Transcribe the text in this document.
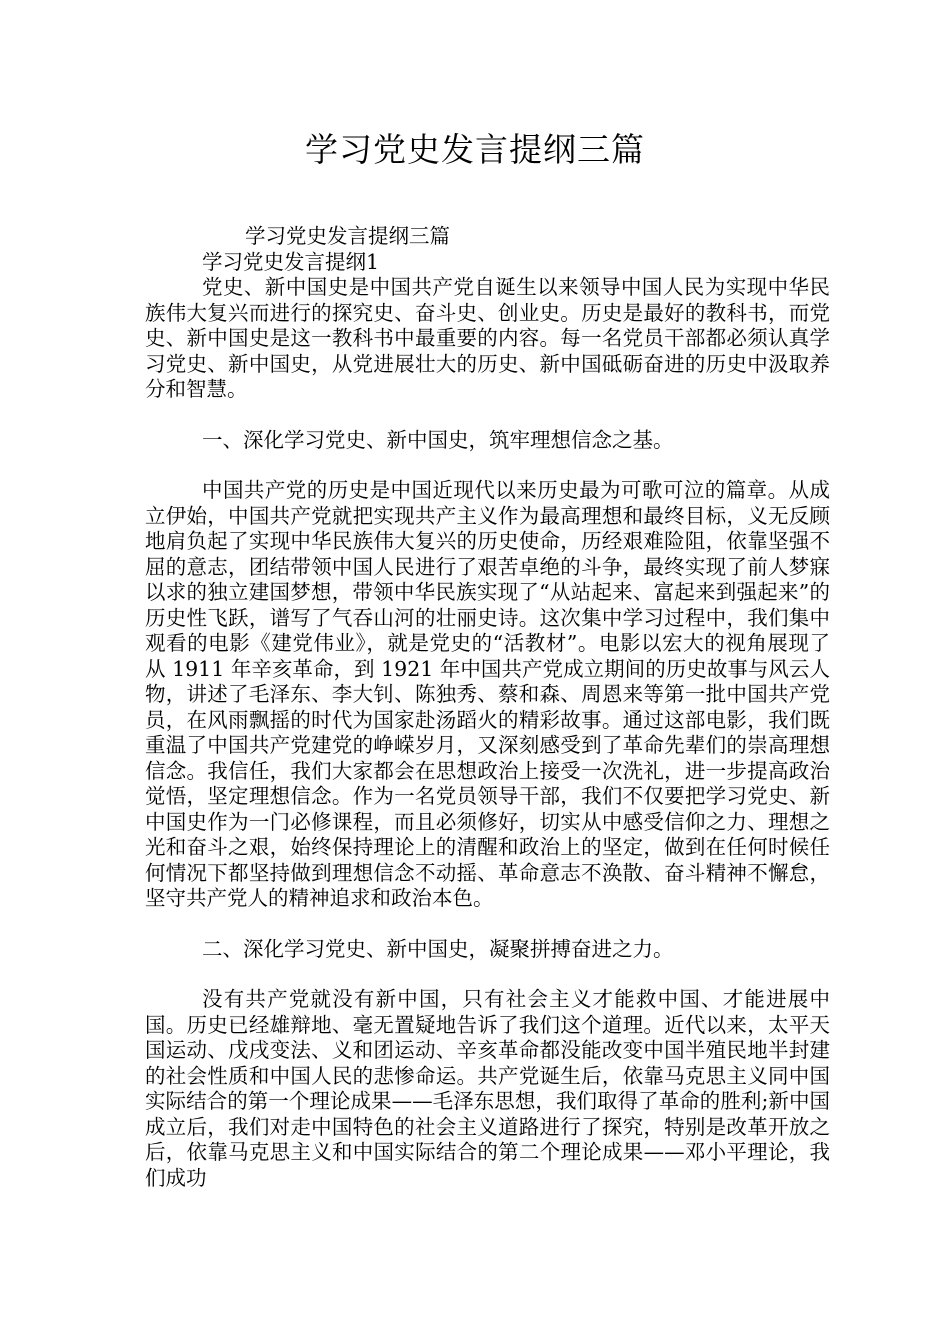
学习党史发言提纲三篇

学习党史发言提纲三篇

学习党史发言提纲1

党史、新中国史是中国共产党自诞生以来领导中国人民为实现中华民族伟大复兴而进行的探究史、奋斗史、创业史。历史是最好的教科书，而党史、新中国史是这一教科书中最重要的内容。每一名党员干部都必须认真学习党史、新中国史，从党进展壮大的历史、新中国砥砺奋进的历史中汲取养分和智慧。

一、深化学习党史、新中国史，筑牢理想信念之基。

中国共产党的历史是中国近现代以来历史最为可歌可泣的篇章。从成立伊始，中国共产党就把实现共产主义作为最高理想和最终目标，义无反顾地肩负起了实现中华民族伟大复兴的历史使命，历经艰难险阻，依靠坚强不屈的意志，团结带领中国人民进行了艰苦卓绝的斗争，最终实现了前人梦寐以求的独立建国梦想，带领中华民族实现了“从站起来、富起来到强起来”的历史性飞跃，谱写了气吞山河的壮丽史诗。这次集中学习过程中，我们集中观看的电影《建党伟业》，就是党史的“活教材”。电影以宏大的视角展现了从 1911 年辛亥革命，到 1921 年中国共产党成立期间的历史故事与风云人物，讲述了毛泽东、李大钊、陈独秀、蔡和森、周恩来等第一批中国共产党员，在风雨飘摇的时代为国家赴汤蹈火的精彩故事。通过这部电影，我们既重温了中国共产党建党的峥嵘岁月，又深刻感受到了革命先辈们的崇高理想信念。我信任，我们大家都会在思想政治上接受一次洗礼，进一步提高政治觉悟，坚定理想信念。作为一名党员领导干部，我们不仅要把学习党史、新中国史作为一门必修课程，而且必须修好，切实从中感受信仰之力、理想之光和奋斗之艰，始终保持理论上的清醒和政治上的坚定，做到在任何时候任何情况下都坚持做到理想信念不动摇、革命意志不涣散、奋斗精神不懈怠，坚守共产党人的精神追求和政治本色。

二、深化学习党史、新中国史，凝聚拼搏奋进之力。

没有共产党就没有新中国，只有社会主义才能救中国、才能进展中国。历史已经雄辩地、毫无置疑地告诉了我们这个道理。近代以来，太平天国运动、戊戌变法、义和团运动、辛亥革命都没能改变中国半殖民地半封建的社会性质和中国人民的悲惨命运。共产党诞生后，依靠马克思主义同中国实际结合的第一个理论成果——毛泽东思想，我们取得了革命的胜利;新中国成立后，我们对走中国特色的社会主义道路进行了探究，特别是改革开放之后，依靠马克思主义和中国实际结合的第二个理论成果——邓小平理论，我们成功
